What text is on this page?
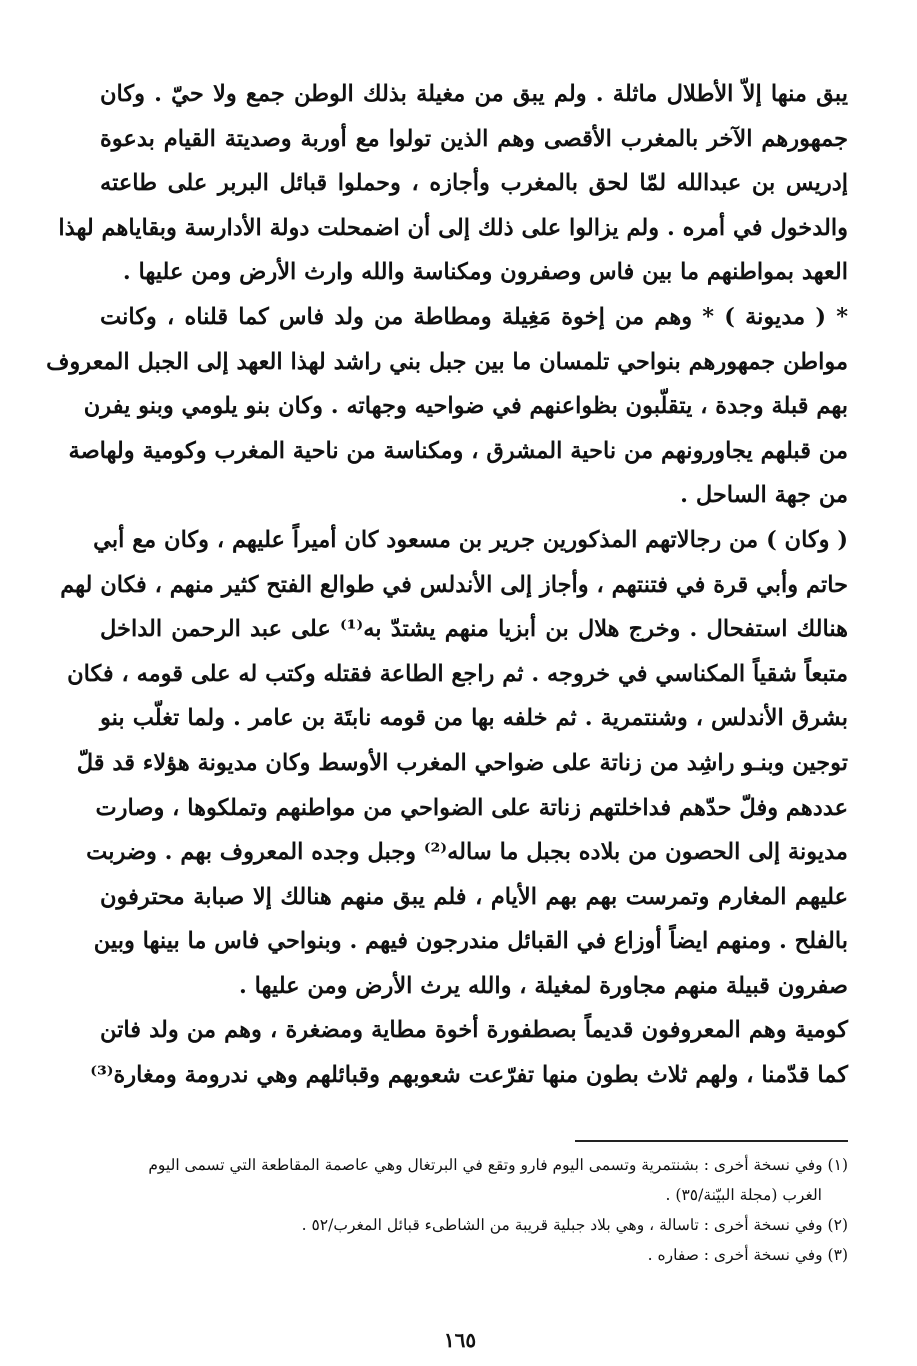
يبق منها إلاّ الأطلال ماثلة . ولم يبق من مغيلة بذلك الوطن جمع ولا حيّ . وكان
جمهورهم الآخر بالمغرب الأقصى وهم الذين تولوا مع أوربة وصديتة القيام بدعوة
إدريس بن عبدالله لمّا لحق بالمغرب وأجازه ، وحملوا قبائل البربر على طاعته
والدخول في أمره . ولم يزالوا على ذلك إلى أن اضمحلت دولة الأدارسة وبقاياهم لهذا
العهد بمواطنهم ما بين فاس وصفرون ومكناسة والله وارث الأرض ومن عليها .
* ( مديونة ) * وهم من إخوة مَغِيلة ومطاطة من ولد فاس كما قلناه ، وكانت
مواطن جمهورهم بنواحي تلمسان ما بين جبل بني راشد لهذا العهد إلى الجبل المعروف
بهم قبلة وجدة ، يتقلّبون بظواعنهم في ضواحيه وجهاته . وكان بنو يلومي وبنو يفرن
من قبلهم يجاورونهم من ناحية المشرق ، ومكناسة من ناحية المغرب وكومية ولهاصة
من جهة الساحل .
( وكان ) من رجالاتهم المذكورين جرير بن مسعود كان أميراً عليهم ، وكان مع أبي
حاتم وأبي قرة في فتنتهم ، وأجاز إلى الأندلس في طوالع الفتح كثير منهم ، فكان لهم
هنالك استفحال . وخرج هلال بن أبزيا منهم يشتدّ به⁽¹⁾ على عبد الرحمن الداخل
متبعاً شقياً المكناسي في خروجه . ثم راجع الطاعة فقتله وكتب له على قومه ، فكان
بشرق الأندلس ، وشنتمرية . ثم خلفه بها من قومه نابتَة بن عامر . ولما تغلّب بنو
توجين وبنـو راشِد من زناتة على ضواحي المغرب الأوسط وكان مديونة هؤلاء قد قلّ
عددهم وفلّ حدّهم فداخلتهم زناتة على الضواحي من مواطنهم وتملكوها ، وصارت
مديونة إلى الحصون من بلاده بجبل ما ساله⁽²⁾ وجبل وجده المعروف بهم . وضربت
عليهم المغارم وتمرست بهم بهم الأيام ، فلم يبق منهم هنالك إلا صبابة محترفون
بالفلح . ومنهم ايضاً أوزاع في القبائل مندرجون فيهم . وبنواحي فاس ما بينها وبين
صفرون قبيلة منهم مجاورة لمغيلة ، والله يرث الأرض ومن عليها .
كومية وهم المعروفون قديماً بصطفورة أخوة مطاية ومضغرة ، وهم من ولد فاتن
كما قدّمنا ، ولهم ثلاث بطون منها تفرّعت شعوبهم وقبائلهم وهي ندرومة ومغارة⁽³⁾
(١) وفي نسخة أخرى : بشنتمرية وتسمى اليوم فارو وتقع في البرتغال وهي عاصمة المقاطعة التي تسمى اليوم
الغرب (مجلة البيّنة/٣٥) .
(٢) وفي نسخة أخرى : تاسالة ، وهي بلاد جبلية قريبة من الشاطىء قبائل المغرب/٥٢ .
(٣) وفي نسخة أخرى : صفاره .
١٦٥
